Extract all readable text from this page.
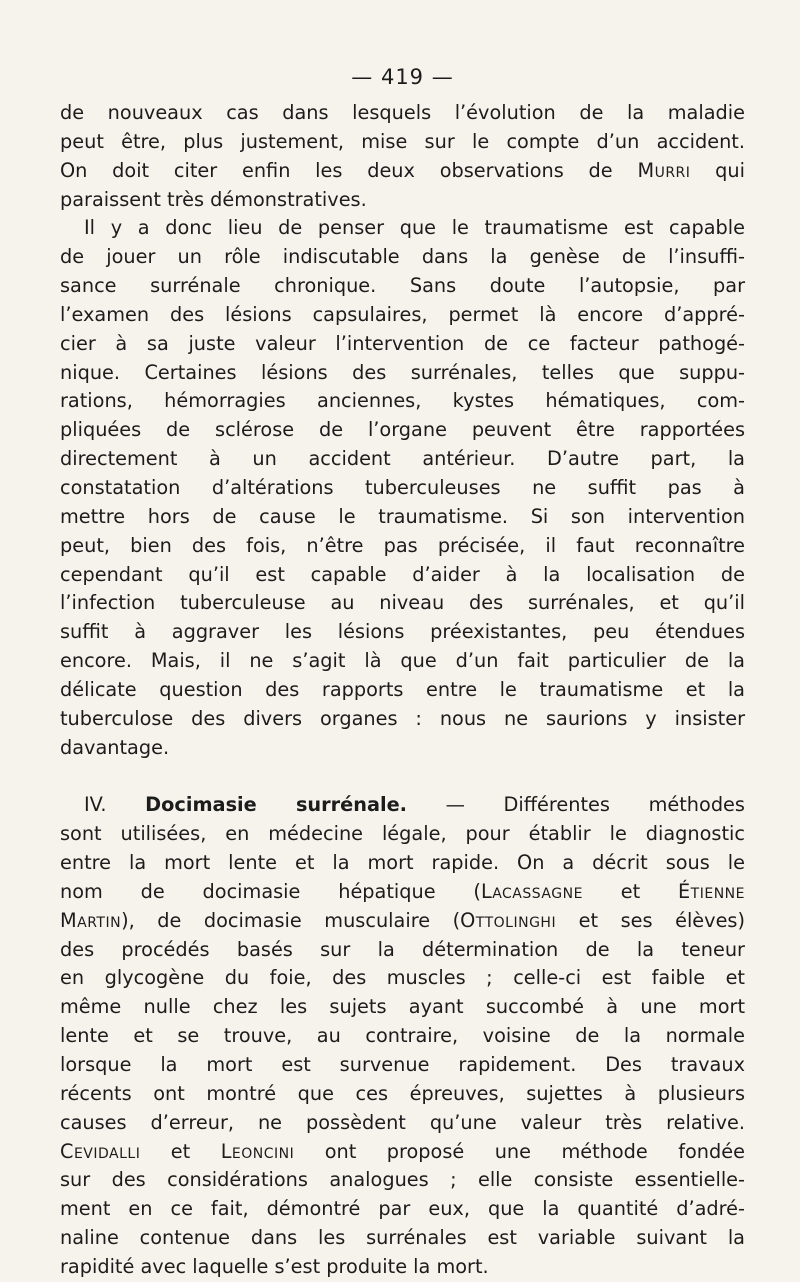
— 419 —
de nouveaux cas dans lesquels l’évolution de la maladie
peut être, plus justement, mise sur le compte d’un accident.
On doit citer enfin les deux observations de Murri qui
paraissent très démonstratives.
Il y a donc lieu de penser que le traumatisme est capable
de jouer un rôle indiscutable dans la genèse de l’insuffi-
sance surrénale chronique. Sans doute l’autopsie, par
l’examen des lésions capsulaires, permet là encore d’appré-
cier à sa juste valeur l’intervention de ce facteur pathogé-
nique. Certaines lésions des surrénales, telles que suppu-
rations, hémorragies anciennes, kystes hématiques, com-
pliquées de sclérose de l’organe peuvent être rapportées
directement à un accident antérieur. D’autre part, la
constatation d’altérations tuberculeuses ne suffit pas à
mettre hors de cause le traumatisme. Si son intervention
peut, bien des fois, n’être pas précisée, il faut reconnaître
cependant qu’il est capable d’aider à la localisation de
l’infection tuberculeuse au niveau des surrénales, et qu’il
suffit à aggraver les lésions préexistantes, peu étendues
encore. Mais, il ne s’agit là que d’un fait particulier de la
délicate question des rapports entre le traumatisme et la
tuberculose des divers organes : nous ne saurions y insister
davantage.
IV. Docimasie surrénale. — Différentes méthodes
sont utilisées, en médecine légale, pour établir le diagnostic
entre la mort lente et la mort rapide. On a décrit sous le
nom de docimasie hépatique (Lacassagne et Étienne
Martin), de docimasie musculaire (Ottolinghi et ses élèves)
des procédés basés sur la détermination de la teneur
en glycogène du foie, des muscles ; celle-ci est faible et
même nulle chez les sujets ayant succombé à une mort
lente et se trouve, au contraire, voisine de la normale
lorsque la mort est survenue rapidement. Des travaux
récents ont montré que ces épreuves, sujettes à plusieurs
causes d’erreur, ne possèdent qu’une valeur très relative.
Cevidalli et Leoncini ont proposé une méthode fondée
sur des considérations analogues ; elle consiste essentielle-
ment en ce fait, démontré par eux, que la quantité d’adré-
naline contenue dans les surrénales est variable suivant la
rapidité avec laquelle s’est produite la mort.
